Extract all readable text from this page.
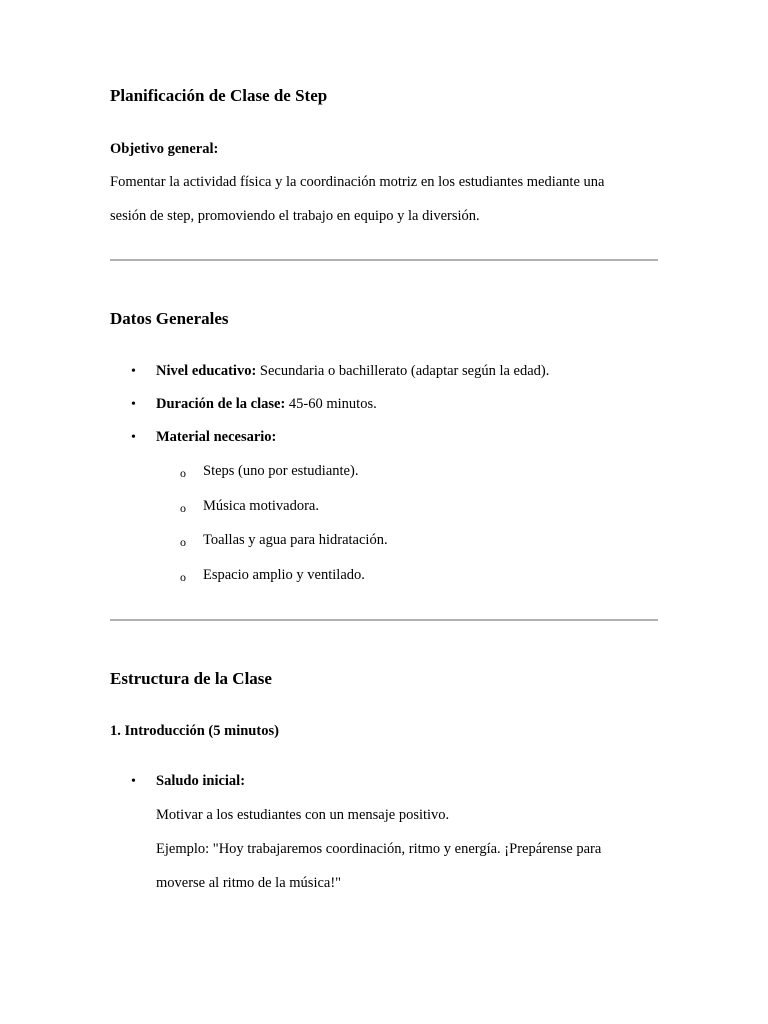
Planificación de Clase de Step
Objetivo general:
Fomentar la actividad física y la coordinación motriz en los estudiantes mediante una
sesión de step, promoviendo el trabajo en equipo y la diversión.
Datos Generales
• Nivel educativo: Secundaria o bachillerato (adaptar según la edad).
• Duración de la clase: 45-60 minutos.
• Material necesario:
o Steps (uno por estudiante).
o Música motivadora.
o Toallas y agua para hidratación.
o Espacio amplio y ventilado.
Estructura de la Clase
1. Introducción (5 minutos)
• Saludo inicial:
Motivar a los estudiantes con un mensaje positivo.
Ejemplo: "Hoy trabajaremos coordinación, ritmo y energía. ¡Prepárense para
moverse al ritmo de la música!"
